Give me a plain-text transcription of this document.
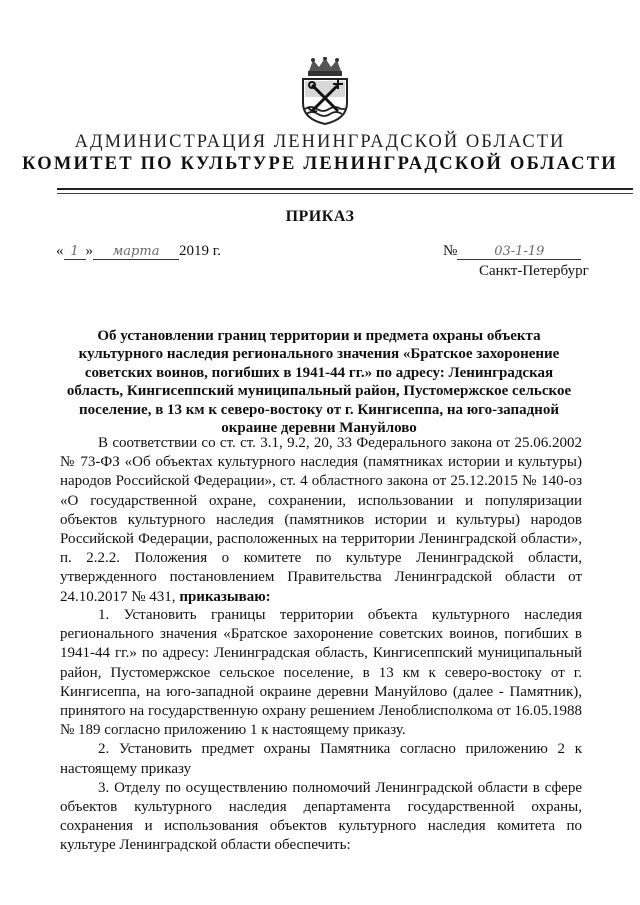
АДМИНИСТРАЦИЯ ЛЕНИНГРАДСКОЙ ОБЛАСТИ
КОМИТЕТ ПО КУЛЬТУРЕ ЛЕНИНГРАДСКОЙ ОБЛАСТИ
ПРИКАЗ
« 1 » марта 2019 г.	№	03-1-19
Санкт-Петербург
Об установлении границ территории и предмета охраны объекта культурного наследия регионального значения «Братское захоронение советских воинов, погибших в 1941-44 гг.» по адресу: Ленинградская область, Кингисеппский муниципальный район, Пустомержское сельское поселение, в 13 км к северо-востоку от г. Кингисеппа, на юго-западной окраине деревни Мануйлово

В соответствии со ст. ст. 3.1, 9.2, 20, 33 Федерального закона от 25.06.2002 № 73-ФЗ «Об объектах культурного наследия (памятниках истории и культуры) народов Российской Федерации», ст. 4 областного закона от 25.12.2015 № 140-оз «О государственной охране, сохранении, использовании и популяризации объектов культурного наследия (памятников истории и культуры) народов Российской Федерации, расположенных на территории Ленинградской области», п. 2.2.2. Положения о комитете по культуре Ленинградской области, утвержденного постановлением Правительства Ленинградской области от 24.10.2017 № 431, приказываю:

1. Установить границы территории объекта культурного наследия регионального значения «Братское захоронение советских воинов, погибших в 1941-44 гг.» по адресу: Ленинградская область, Кингисеппский муниципальный район, Пустомержское сельское поселение, в 13 км к северо-востоку от г. Кингисеппа, на юго-западной окраине деревни Мануйлово (далее - Памятник), принятого на государственную охрану решением Леноблисполкома от 16.05.1988 № 189 согласно приложению 1 к настоящему приказу.

2. Установить предмет охраны Памятника согласно приложению 2 к настоящему приказу

3. Отделу по осуществлению полномочий Ленинградской области в сфере объектов культурного наследия департамента государственной охраны, сохранения и использования объектов культурного наследия комитета по культуре Ленинградской области обеспечить:
